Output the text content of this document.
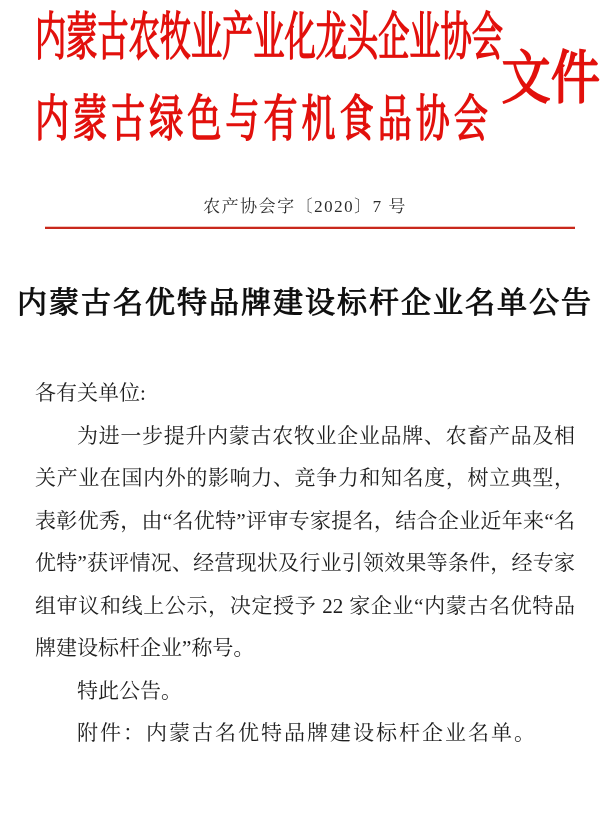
内蒙古农牧业产业化龙头企业协会
内蒙古绿色与有机食品协会
文件
农产协会字〔2020〕7 号
内蒙古名优特品牌建设标杆企业名单公告

各有关单位:

为进一步提升内蒙古农牧业企业品牌、农畜产品及相关产业在国内外的影响力、竞争力和知名度，树立典型，表彰优秀，由“名优特”评审专家提名，结合企业近年来“名优特”获评情况、经营现状及行业引领效果等条件，经专家组审议和线上公示，决定授予 22 家企业“内蒙古名优特品牌建设标杆企业”称号。

特此公告。

附件：内蒙古名优特品牌建设标杆企业名单。
